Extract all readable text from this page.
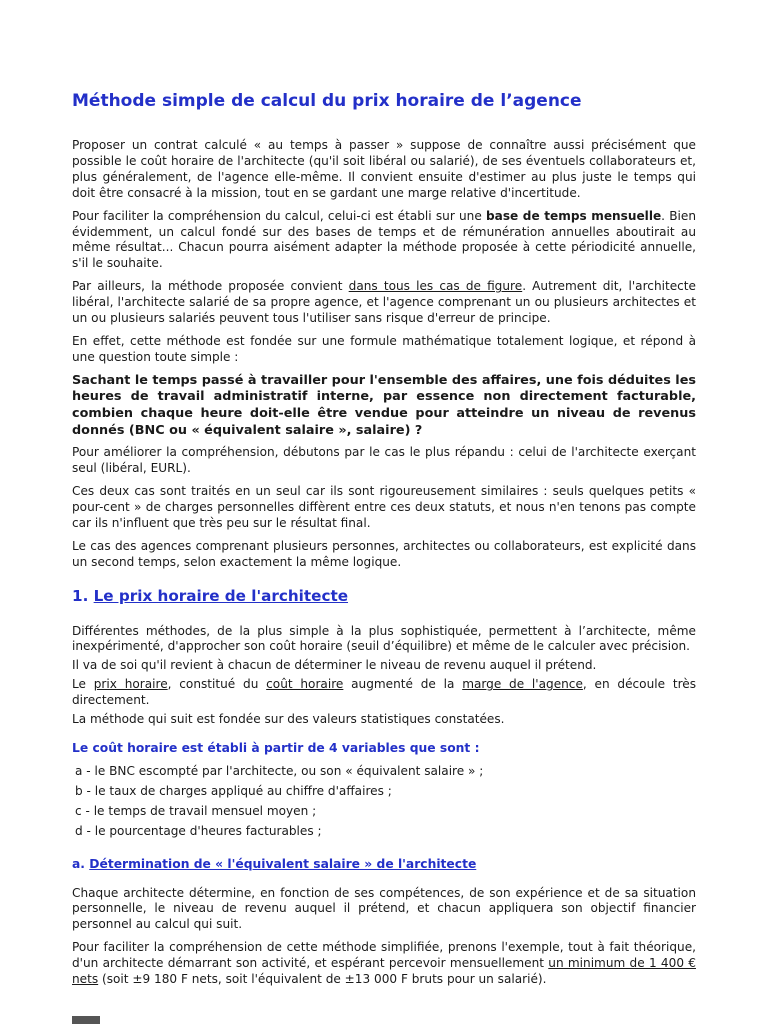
Méthode simple de calcul du prix horaire de l’agence

Proposer un contrat calculé « au temps à passer » suppose de connaître aussi précisément que possible le coût horaire de l'architecte (qu'il soit libéral ou salarié), de ses éventuels collaborateurs et, plus généralement, de l'agence elle-même. Il convient ensuite d'estimer au plus juste le temps qui doit être consacré à la mission, tout en se gardant une marge relative d'incertitude.

Pour faciliter la compréhension du calcul, celui-ci est établi sur une base de temps mensuelle. Bien évidemment, un calcul fondé sur des bases de temps et de rémunération annuelles aboutirait au même résultat... Chacun pourra aisément adapter la méthode proposée à cette périodicité annuelle, s'il le souhaite.

Par ailleurs, la méthode proposée convient dans tous les cas de figure. Autrement dit, l'architecte libéral, l'architecte salarié de sa propre agence, et l'agence comprenant un ou plusieurs architectes et un ou plusieurs salariés peuvent tous l'utiliser sans risque d'erreur de principe.

En effet, cette méthode est fondée sur une formule mathématique totalement logique, et répond à une question toute simple :

Sachant le temps passé à travailler pour l'ensemble des affaires, une fois déduites les heures de travail administratif interne, par essence non directement facturable, combien chaque heure doit-elle être vendue pour atteindre un niveau de revenus donnés (BNC ou « équivalent salaire », salaire) ?

Pour améliorer la compréhension, débutons par le cas le plus répandu : celui de l'architecte exerçant seul (libéral, EURL).

Ces deux cas sont traités en un seul car ils sont rigoureusement similaires : seuls quelques petits « pour-cent » de charges personnelles diffèrent entre ces deux statuts, et nous n'en tenons pas compte car ils n'influent que très peu sur le résultat final.

Le cas des agences comprenant plusieurs personnes, architectes ou collaborateurs, est explicité dans un second temps, selon exactement la même logique.

1. Le prix horaire de l'architecte

Différentes méthodes, de la plus simple à la plus sophistiquée, permettent à l’architecte, même inexpérimenté, d'approcher son coût horaire (seuil d’équilibre) et même de le calculer avec précision.

Il va de soi qu'il revient à chacun de déterminer le niveau de revenu auquel il prétend.

Le prix horaire, constitué du coût horaire augmenté de la marge de l'agence, en découle très directement.

La méthode qui suit est fondée sur des valeurs statistiques constatées.

Le coût horaire est établi à partir de 4 variables que sont :
a - le BNC escompté par l'architecte, ou son « équivalent salaire » ;
b - le taux de charges appliqué au chiffre d'affaires ;
c - le temps de travail mensuel moyen ;
d - le pourcentage d'heures facturables ;
a. Détermination de « l'équivalent salaire » de l'architecte

Chaque architecte détermine, en fonction de ses compétences, de son expérience et de sa situation personnelle, le niveau de revenu auquel il prétend, et chacun appliquera son objectif financier personnel au calcul qui suit.

Pour faciliter la compréhension de cette méthode simplifiée, prenons l'exemple, tout à fait théorique, d'un architecte démarrant son activité, et espérant percevoir mensuellement un minimum de 1 400 € nets (soit ±9 180 F nets, soit l'équivalent de ±13 000 F bruts pour un salarié).
